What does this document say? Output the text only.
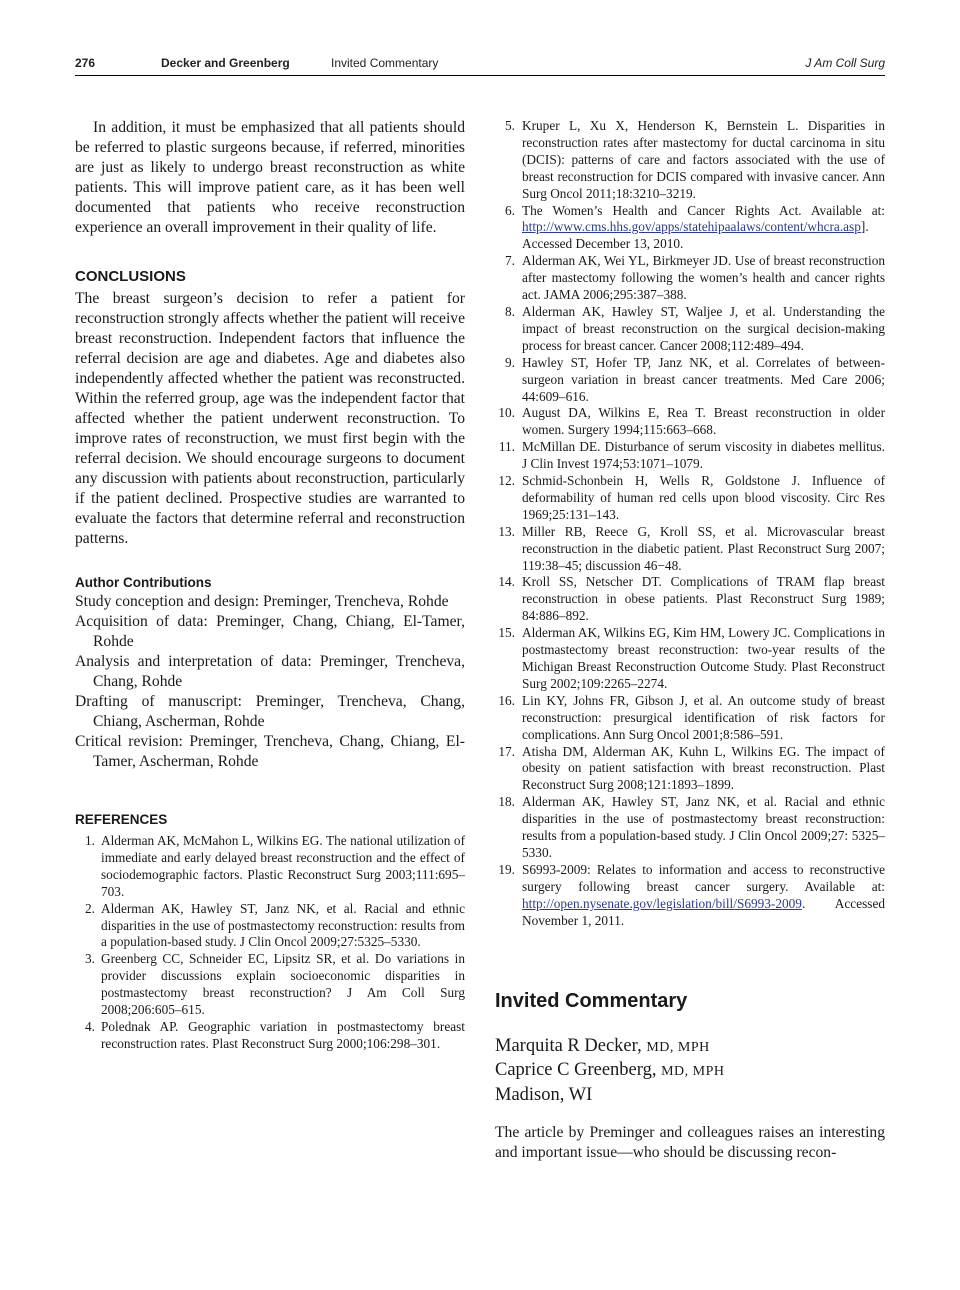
276	Decker and Greenberg	Invited Commentary	J Am Coll Surg

In addition, it must be emphasized that all patients should be referred to plastic surgeons because, if referred, minorities are just as likely to undergo breast reconstruction as white patients. This will improve patient care, as it has been well documented that patients who receive reconstruction experience an overall improvement in their quality of life.

CONCLUSIONS

The breast surgeon’s decision to refer a patient for reconstruction strongly affects whether the patient will receive breast reconstruction. Independent factors that influence the referral decision are age and diabetes. Age and diabetes also independently affected whether the patient was reconstructed. Within the referred group, age was the independent factor that affected whether the patient underwent reconstruction. To improve rates of reconstruction, we must first begin with the referral decision. We should encourage surgeons to document any discussion with patients about reconstruction, particularly if the patient declined. Prospective studies are warranted to evaluate the factors that determine referral and reconstruction patterns.

Author Contributions

Study conception and design: Preminger, Trencheva, Rohde

Acquisition of data: Preminger, Chang, Chiang, El-Tamer, Rohde

Analysis and interpretation of data: Preminger, Trencheva, Chang, Rohde

Drafting of manuscript: Preminger, Trencheva, Chang, Chiang, Ascherman, Rohde

Critical revision: Preminger, Trencheva, Chang, Chiang, El-Tamer, Ascherman, Rohde

REFERENCES
1. Alderman AK, McMahon L, Wilkins EG. The national utilization of immediate and early delayed breast reconstruction and the effect of sociodemographic factors. Plastic Reconstruct Surg 2003;111:695–703.
2. Alderman AK, Hawley ST, Janz NK, et al. Racial and ethnic disparities in the use of postmastectomy reconstruction: results from a population-based study. J Clin Oncol 2009;27:5325–5330.
3. Greenberg CC, Schneider EC, Lipsitz SR, et al. Do variations in provider discussions explain socioeconomic disparities in postmastectomy breast reconstruction? J Am Coll Surg 2008;206:605–615.
4. Polednak AP. Geographic variation in postmastectomy breast reconstruction rates. Plast Reconstruct Surg 2000;106:298–301.
5. Kruper L, Xu X, Henderson K, Bernstein L. Disparities in reconstruction rates after mastectomy for ductal carcinoma in situ (DCIS): patterns of care and factors associated with the use of breast reconstruction for DCIS compared with invasive cancer. Ann Surg Oncol 2011;18:3210–3219.
6. The Women’s Health and Cancer Rights Act. Available at: http://www.cms.hhs.gov/apps/statehipaalaws/content/whcra.asp]. Accessed December 13, 2010.
7. Alderman AK, Wei YL, Birkmeyer JD. Use of breast reconstruction after mastectomy following the women’s health and cancer rights act. JAMA 2006;295:387–388.
8. Alderman AK, Hawley ST, Waljee J, et al. Understanding the impact of breast reconstruction on the surgical decision-making process for breast cancer. Cancer 2008;112:489–494.
9. Hawley ST, Hofer TP, Janz NK, et al. Correlates of between-surgeon variation in breast cancer treatments. Med Care 2006; 44:609–616.
10. August DA, Wilkins E, Rea T. Breast reconstruction in older women. Surgery 1994;115:663–668.
11. McMillan DE. Disturbance of serum viscosity in diabetes mellitus. J Clin Invest 1974;53:1071–1079.
12. Schmid-Schonbein H, Wells R, Goldstone J. Influence of deformability of human red cells upon blood viscosity. Circ Res 1969;25:131–143.
13. Miller RB, Reece G, Kroll SS, et al. Microvascular breast reconstruction in the diabetic patient. Plast Reconstruct Surg 2007; 119:38–45; discussion 46−48.
14. Kroll SS, Netscher DT. Complications of TRAM flap breast reconstruction in obese patients. Plast Reconstruct Surg 1989; 84:886–892.
15. Alderman AK, Wilkins EG, Kim HM, Lowery JC. Complications in postmastectomy breast reconstruction: two-year results of the Michigan Breast Reconstruction Outcome Study. Plast Reconstruct Surg 2002;109:2265–2274.
16. Lin KY, Johns FR, Gibson J, et al. An outcome study of breast reconstruction: presurgical identification of risk factors for complications. Ann Surg Oncol 2001;8:586–591.
17. Atisha DM, Alderman AK, Kuhn L, Wilkins EG. The impact of obesity on patient satisfaction with breast reconstruction. Plast Reconstruct Surg 2008;121:1893–1899.
18. Alderman AK, Hawley ST, Janz NK, et al. Racial and ethnic disparities in the use of postmastectomy breast reconstruction: results from a population-based study. J Clin Oncol 2009;27: 5325–5330.
19. S6993-2009: Relates to information and access to reconstructive surgery following breast cancer surgery. Available at: http://open.nysenate.gov/legislation/bill/S6993-2009. Accessed November 1, 2011.
Invited Commentary

Marquita R Decker, MD, MPH

Caprice C Greenberg, MD, MPH

Madison, WI

The article by Preminger and colleagues raises an interesting and important issue—who should be discussing recon-
